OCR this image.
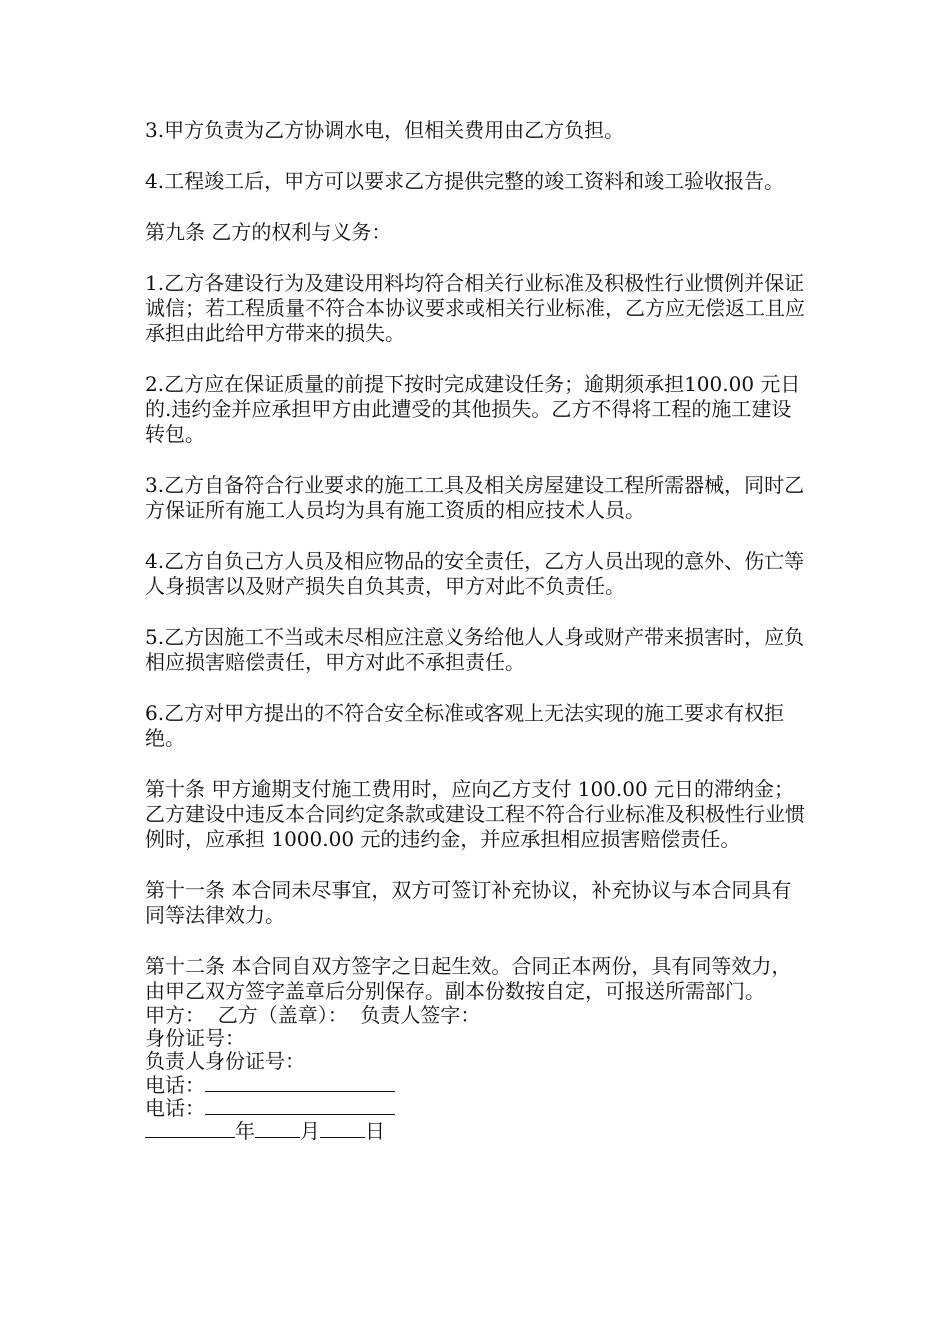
3.甲方负责为乙方协调水电，但相关费用由乙方负担。

4.工程竣工后，甲方可以要求乙方提供完整的竣工资料和竣工验收报告。

第九条 乙方的权利与义务：

1.乙方各建设行为及建设用料均符合相关行业标准及积极性行业惯例并保证诚信；若工程质量不符合本协议要求或相关行业标准，乙方应无偿返工且应承担由此给甲方带来的损失。

2.乙方应在保证质量的前提下按时完成建设任务；逾期须承担100.00 元日的.违约金并应承担甲方由此遭受的其他损失。乙方不得将工程的施工建设转包。

3.乙方自备符合行业要求的施工工具及相关房屋建设工程所需器械，同时乙方保证所有施工人员均为具有施工资质的相应技术人员。

4.乙方自负己方人员及相应物品的安全责任，乙方人员出现的意外、伤亡等人身损害以及财产损失自负其责，甲方对此不负责任。

5.乙方因施工不当或未尽相应注意义务给他人人身或财产带来损害时，应负相应损害赔偿责任，甲方对此不承担责任。

6.乙方对甲方提出的不符合安全标准或客观上无法实现的施工要求有权拒绝。

第十条 甲方逾期支付施工费用时，应向乙方支付 100.00 元日的滞纳金；乙方建设中违反本合同约定条款或建设工程不符合行业标准及积极性行业惯例时，应承担 1000.00 元的违约金，并应承担相应损害赔偿责任。

第十一条 本合同未尽事宜，双方可签订补充协议，补充协议与本合同具有同等法律效力。

第十二条 本合同自双方签字之日起生效。合同正本两份，具有同等效力，由甲乙双方签字盖章后分别保存。副本份数按自定，可报送所需部门。

甲方：  乙方（盖章）：  负责人签字：

身份证号：

负责人身份证号：

电话：

电话：

年 月 日
